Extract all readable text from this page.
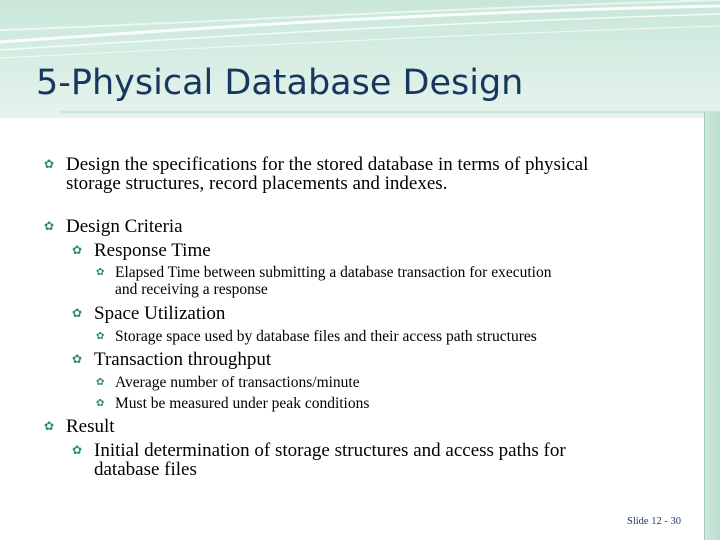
5-Physical Database Design
✿ Design the specifications for the stored database in terms of physical
storage structures, record placements and indexes.
✿ Design Criteria
✿ Response Time
✿ Elapsed Time between submitting a database transaction for execution
and receiving a response
✿ Space Utilization
✿ Storage space used by database files and their access path structures
✿ Transaction throughput
✿ Average number of transactions/minute
✿ Must be measured under peak conditions
✿ Result
✿ Initial determination of storage structures and access paths for
database files
Slide 12 - 30
